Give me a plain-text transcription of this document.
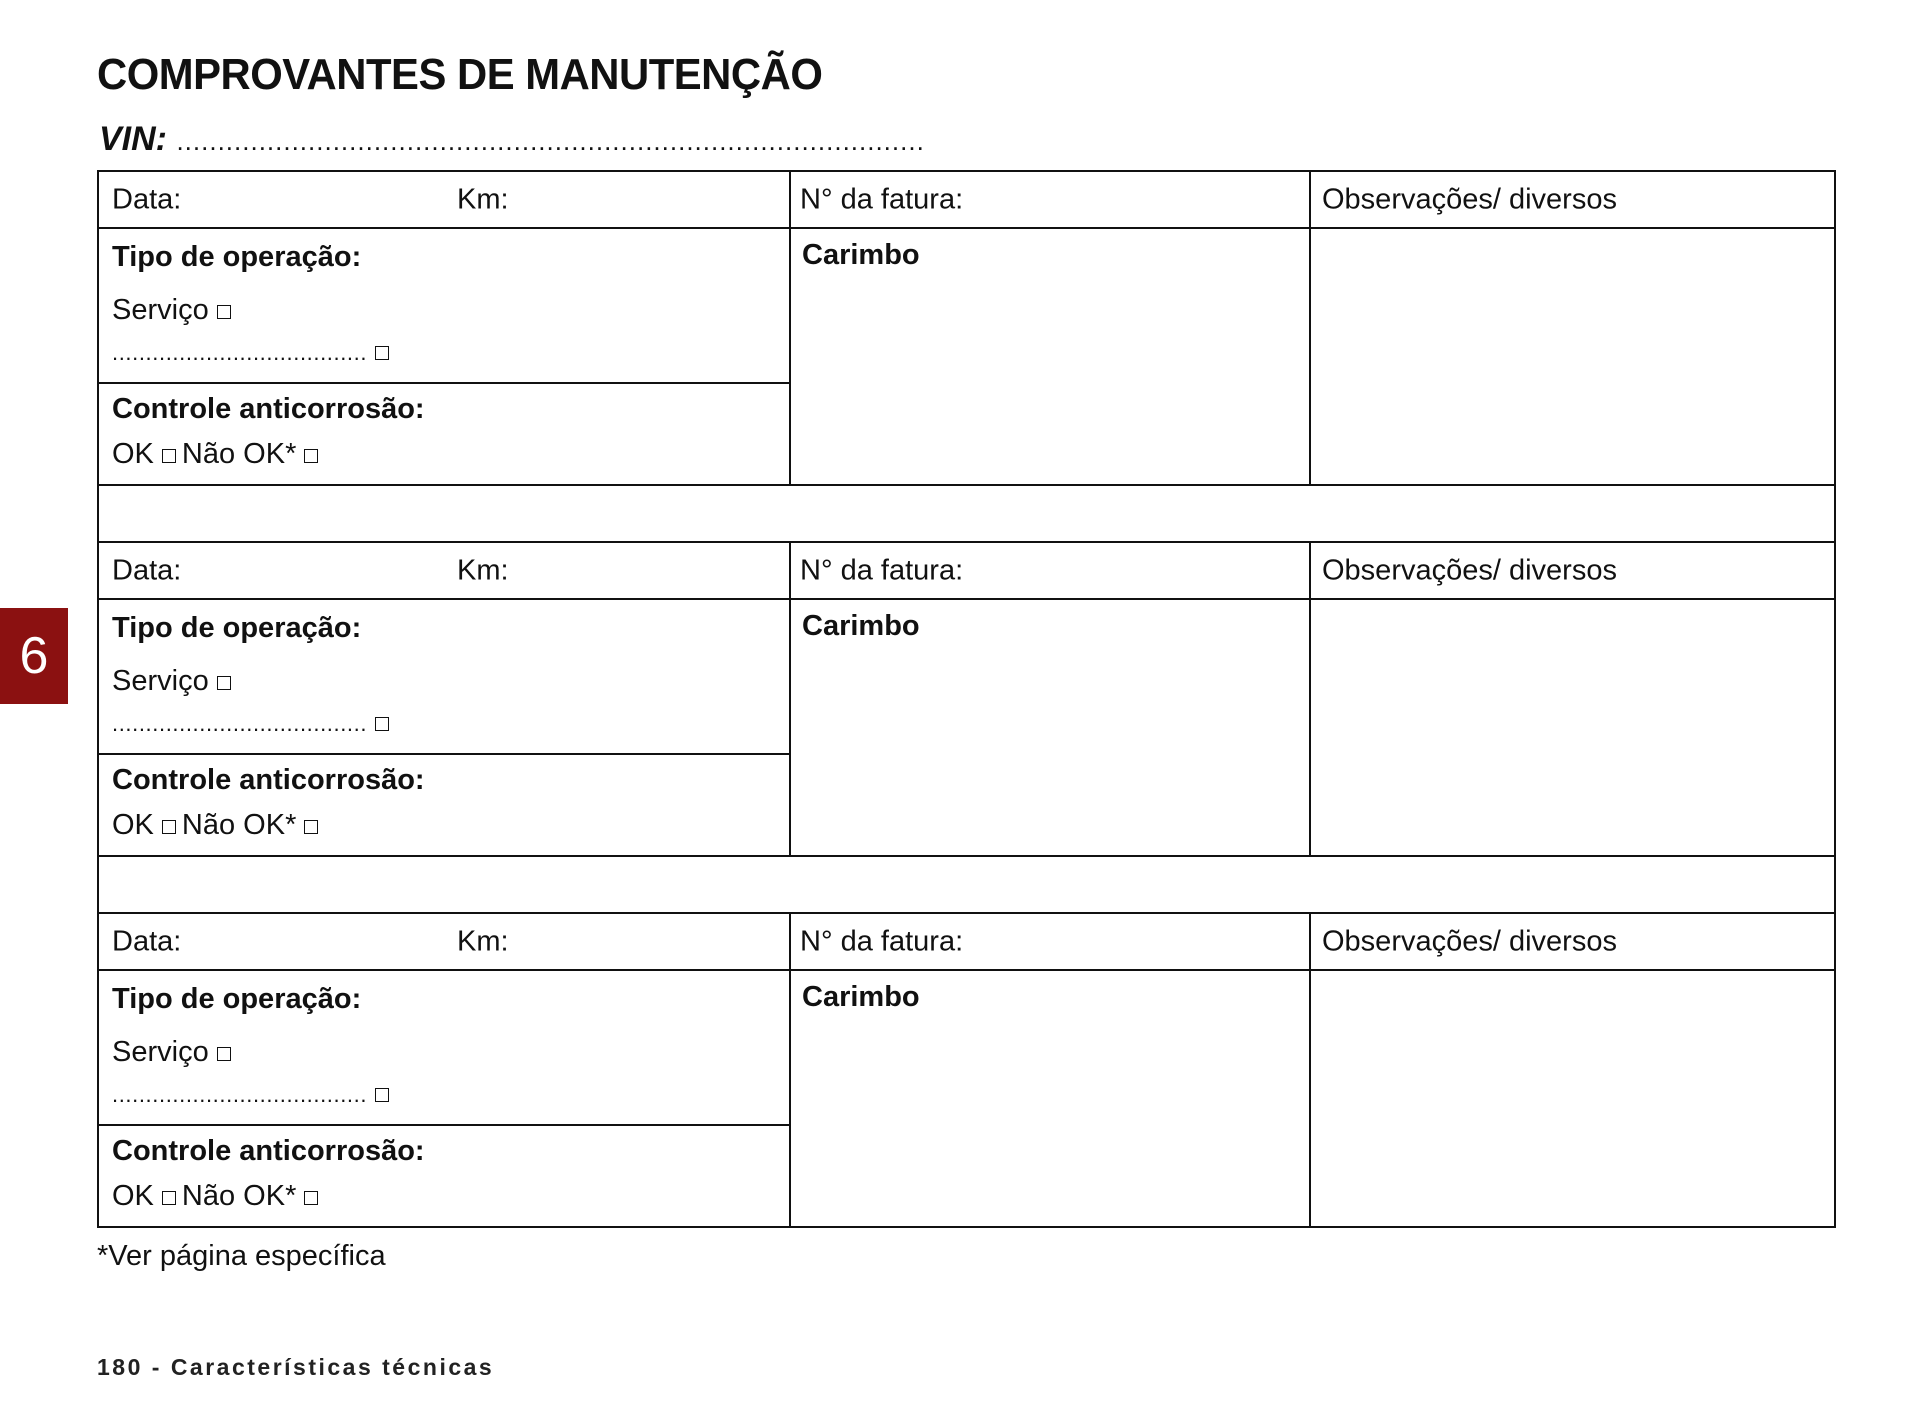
COMPROVANTES DE MANUTENÇÃO
VIN: ...........................................................................................
6
Data: Km:	N° da fatura:	Observações/ diversos

Tipo de operação:
Serviço
......................................	Carimbo	

Controle anticorrosão:
OK Não OK*		

Data: Km:	N° da fatura:	Observações/ diversos

Tipo de operação:
Serviço
......................................	Carimbo	

Controle anticorrosão:
OK Não OK*		

Data: Km:	N° da fatura:	Observações/ diversos

Tipo de operação:
Serviço
......................................	Carimbo	

Controle anticorrosão:
OK Não OK*		
*Ver página específica
180 - Características técnicas
